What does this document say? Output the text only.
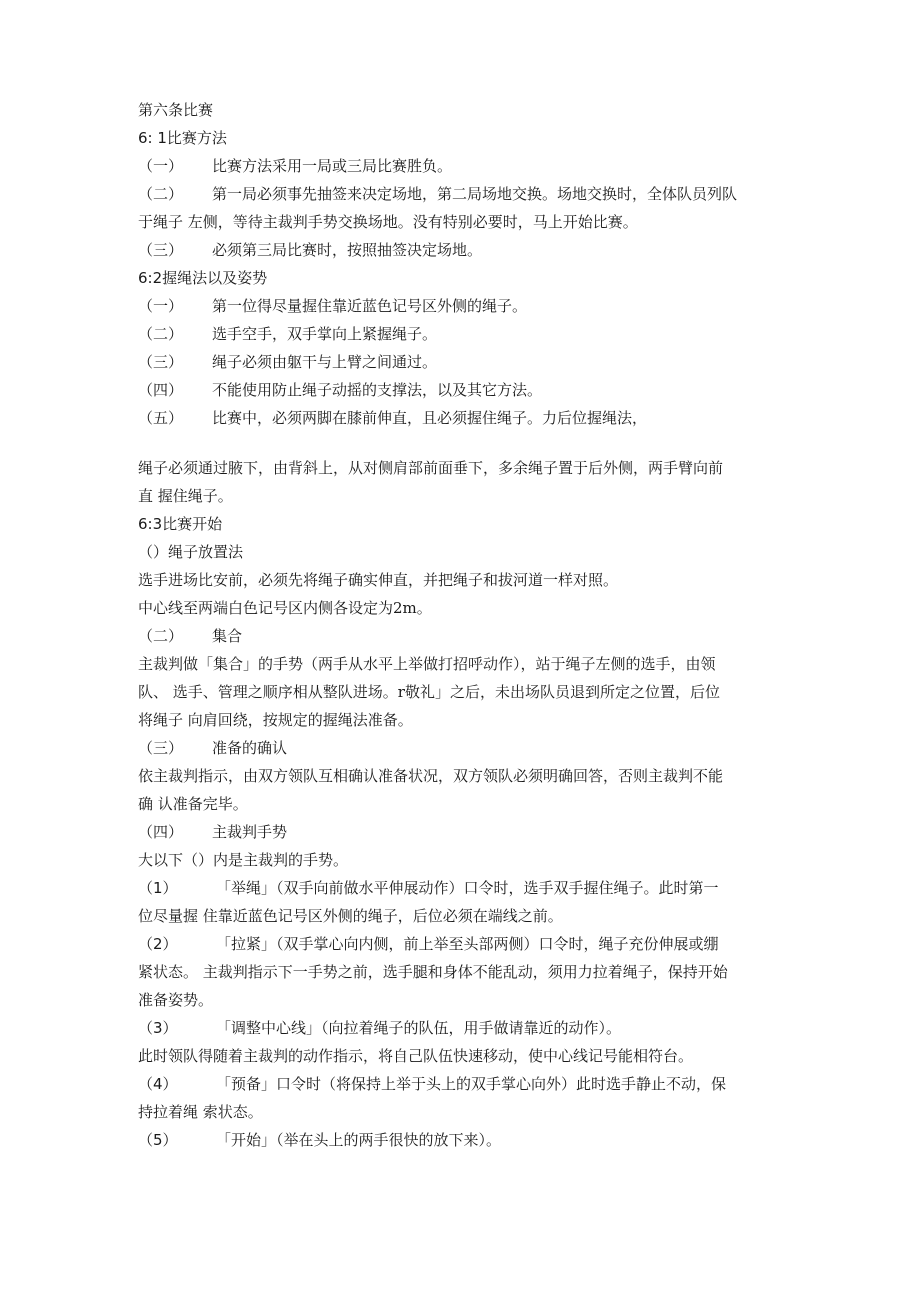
第六条比赛
6: 1比赛方法
（一）	比赛方法采用一局或三局比赛胜负。
（二）	第一局必须事先抽签来决定场地，第二局场地交换。场地交换时，全体队员列队
于绳子 左侧，等待主裁判手势交换场地。没有特别必要时，马上开始比赛。
（三）	必须第三局比赛时，按照抽签决定场地。
6:2握绳法以及姿势
（一）	第一位得尽量握住靠近蓝色记号区外侧的绳子。
（二）	选手空手，双手掌向上紧握绳子。
（三）	绳子必须由躯干与上臂之间通过。
（四）	不能使用防止绳子动摇的支撑法，以及其它方法。
（五）	比赛中，必须两脚在膝前伸直，且必须握住绳子。力后位握绳法，
绳子必须通过腋下，由背斜上，从对侧肩部前面垂下，多余绳子置于后外侧，两手臂向前
直 握住绳子。
6:3比赛开始
（）绳子放置法
选手进场比安前，必须先将绳子确实伸直，并把绳子和拔河道一样对照。
中心线至两端白色记号区内侧各设定为2m。
（二）	集合
主裁判做「集合」的手势（两手从水平上举做打招呼动作），站于绳子左侧的选手，由领
队、 选手、管理之顺序相从整队进场。r敬礼」之后，未出场队员退到所定之位置，后位
将绳子 向肩回绕，按规定的握绳法准备。
（三）	准备的确认
依主裁判指示，由双方领队互相确认准备状况，双方领队必须明确回答，否则主裁判不能
确 认准备完毕。
（四）	主裁判手势
大以下（）内是主裁判的手势。
（1）	「举绳」（双手向前做水平伸展动作）口令时，选手双手握住绳子。此时第一
位尽量握 住靠近蓝色记号区外侧的绳子，后位必须在端线之前。
（2）	「拉紧」（双手掌心向内侧，前上举至头部两侧）口令时，绳子充份伸展或绷
紧状态。 主裁判指示下一手势之前，选手腿和身体不能乱动，须用力拉着绳子，保持开始
准备姿势。
（3）	「调整中心线」（向拉着绳子的队伍，用手做请靠近的动作）。
此时领队得随着主裁判的动作指示，将自己队伍快速移动，使中心线记号能相符台。
（4）	「预备」口令时（将保持上举于头上的双手掌心向外）此时选手静止不动，保
持拉着绳 索状态。
（5）	「开始」（举在头上的两手很快的放下来）。
